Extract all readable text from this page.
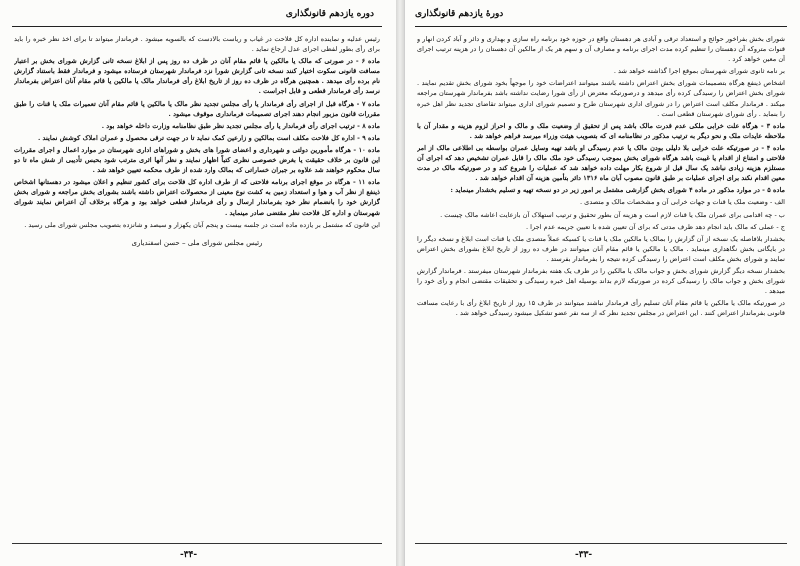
دوره یازدهم قانونگذاری

رئیس عدلیه و نماینده اداره کل فلاحت در غیاب و ریاست بالادست که بالسویه میشود . فرماندار میتواند تا برای اخذ نظر خبره را باید برای رأی بطور لفظی اجرای عدل ارجاع نماید .

ماده ۶ - در صورتی که مالک یا مالکین یا قائم مقام آنان در ظرف ده روز پس از ابلاغ نسخه ثانی گزارش شورای بخش بر اعتبار مسافت قانونی سکوت اختیار کنند نسخه ثانی گزارش شورا نزد فرماندار شهرستان فرستاده میشود و فرماندار فقط باستناد گزارش نام برده رأی میدهد . همچنین هرگاه در ظرف ده روز از تاریخ ابلاغ رأی فرماندار مالک یا مالکین یا قائم مقام آنان اعتراض بفرماندار نرسد رأی فرماندار قطعی و قابل اجراست .

ماده ۷ - هرگاه قبل از اجرای رأی فرماندار یا رأی مجلس تجدید نظر مالک یا مالکین یا قائم مقام آنان تعمیرات ملک یا قنات را طبق مقررات قانون مزبور انجام دهند اجرای تصمیمات فرمانداری موقوف میشود .

ماده ۸ - ترتیب اجرای رأی فرماندار یا رأی مجلس تجدید نظر طبق نظامنامه وزارت داخله خواهد بود .

ماده ۹ - اداره کل فلاحت مکلف است بمالکین و زارعین کمک نماید تا در جهت ترقی محصول و عمران املاک کوشش نمایند .

ماده ۱۰ - هرگاه مأمورین دولتی و شهرداری و اعضای شورا های بخش و شوراهای اداری شهرستان در موارد اعمال و اجرای مقررات این قانون بر خلاف حقیقت یا بغرض خصوصی نظری کتباً اظهار نمایند و نظر آنها اثری مترتب شود بحبس تأدیبی از شش ماه تا دو سال محکوم خواهند شد علاوه بر جبران خساراتی که بمالک وارد شده از طرف محکمه تعیین خواهد شد .

ماده ۱۱ - هرگاه در موقع اجرای برنامه فلاحتی که از طرف اداره کل فلاحت برای کشور تنظیم و اعلان میشود در دهستانها اشخاص ذینفع از نظر آب و هوا و استعداد زمین به کشت نوع معینی از محصولات اعتراض داشته باشند بشورای بخش مراجعه و شورای بخش گزارش خود را بانضمام نظر خود بفرماندار ارسال و رأی فرماندار قطعی خواهد بود و هرگاه برخلاف آن اعتراض نمایند شورای شهرستان و اداره کل فلاحت نظر مقتضی صادر مینماید .

این قانون که مشتمل بر یازده ماده است در جلسه بیست و پنجم آبان یکهزار و سیصد و شانزده بتصویب مجلس شورای ملی رسید .

رئیس مجلس شورای ملی – حسن اسفندیاری
-۳۴-
دورهٔ یازدهم قانونگذاری

شورای بخش بفراخور حوائج و استعداد ترقی و آبادی هر دهستان واقع در حوزه خود برنامه راه سازی و بهداری و دائر و آباد کردن انهار و قنوات متروکه آن دهستان را تنظیم کرده مدت اجرای برنامه و مصارف آن و سهم هر یک از مالکین آن دهستان را در هزینه ترتیب اجرای آن معین خواهد کرد .

بر نامه ثانوی شورای شهرستان بموقع اجرا گذاشته خواهد شد .

اشخاص ذینفع هرگاه بتصمیمات شورای بخش اعتراض داشته باشند میتوانند اعتراضات خود را موجهاً بخود شورای بخش تقدیم نمایند . شورای بخش اعتراض را رسیدگی کرده رأی میدهد و درصورتیکه معترض از رأی شورا رضایت نداشته باشد بفرماندار شهرستان مراجعه میکند . فرماندار مکلف است اعتراض را در شورای اداری شهرستان طرح و تصمیم شورای اداری میتواند تقاضای تجدید نظر اهل خبره را بنماید . رأی شورای شهرستان قطعی است .

ماده ۳ - هرگاه علت خرابی ملکی عدم قدرت مالک باشد پس از تحقیق از وضعیت ملک و مالک و احراز لزوم هزینه و مقدار آن با ملاحظه عایدات ملک و نحو دیگر به ترتیب مذکور در نظامنامه ای که بتصویب هیئت وزراء میرسد فراهم خواهد شد .

ماده ۴ - در صورتیکه علت خرابی بلا دلیلی بودن مالک یا عدم رسیدگی او باشد تهیه وسایل عمران بواسطه بی اطلاعی مالک از امر فلاحتی و امتناع از اقدام یا غیبت باشد هرگاه شورای بخش بموجب رسیدگی خود ملک مالک را قابل عمران تشخیص دهد که اجرای آن مستلزم هزینه زیادی نباشد یک سال قبل از شروع بکار مهلت داده خواهد شد که عملیات را شروع کند و در صورتیکه مالک در مدت معین اقدام نکند برای اجرای عملیات بر طبق قانون مصوب آبان ماه ۱۳۱۶ دائر بتأمین هزینه آن اقدام خواهد شد .

ماده ۵ - در موارد مذکور در ماده ۴ شورای بخش گزارشی مشتمل بر امور زیر در دو نسخه تهیه و تسلیم بخشدار مینماید :

الف - وضعیت ملک یا قنات و جهات خرابی آن و مشخصات مالک و متصدی .

ب - چه اقدامی برای عمران ملک یا قنات لازم است و هزینه آن بطور تحقیق و ترتیب استهلاک آن بازعایت اعاشه مالک چیست .

ج - عملی که مالک باید انجام دهد ظرف مدتی که برای آن تعیین شده با تعیین جریمه عدم اجرا .

بخشدار بلافاصله یک نسخه از آن گزارش را بمالک یا مالکین ملک یا قنات یا کسیکه عملاً متصدی ملک یا قنات است ابلاغ و نسخه دیگر را در بایگانی بخش نگاهداری مینماید . مالک یا مالکین یا قائم مقام آنان میتوانند در ظرف ده روز از تاریخ ابلاغ بشورای بخش اعتراض نمایند و شورای بخش مکلف است اعتراض را رسیدگی کرده نتیجه را بفرماندار بفرستد .

بخشدار نسخه دیگر گزارش شورای بخش و جواب مالک یا مالکین را در ظرف یک هفته بفرماندار شهرستان میفرستد . فرماندار گزارش شورای بخش و جواب مالک را رسیدگی کرده در صورتیکه لازم بداند بوسیله اهل خبره رسیدگی و تحقیقات مقتضی انجام و رأی خود را میدهد .

در صورتیکه مالک یا مالکین یا قائم مقام آنان تسلیم رأی فرماندار نباشند میتوانند در ظرف ۱۵ روز از تاریخ ابلاغ رأی با رعایت مسافت قانونی بفرماندار اعتراض کنند . این اعتراض در مجلس تجدید نظر که از سه نفر عضو تشکیل میشود رسیدگی خواهد شد .

-۳۳-
